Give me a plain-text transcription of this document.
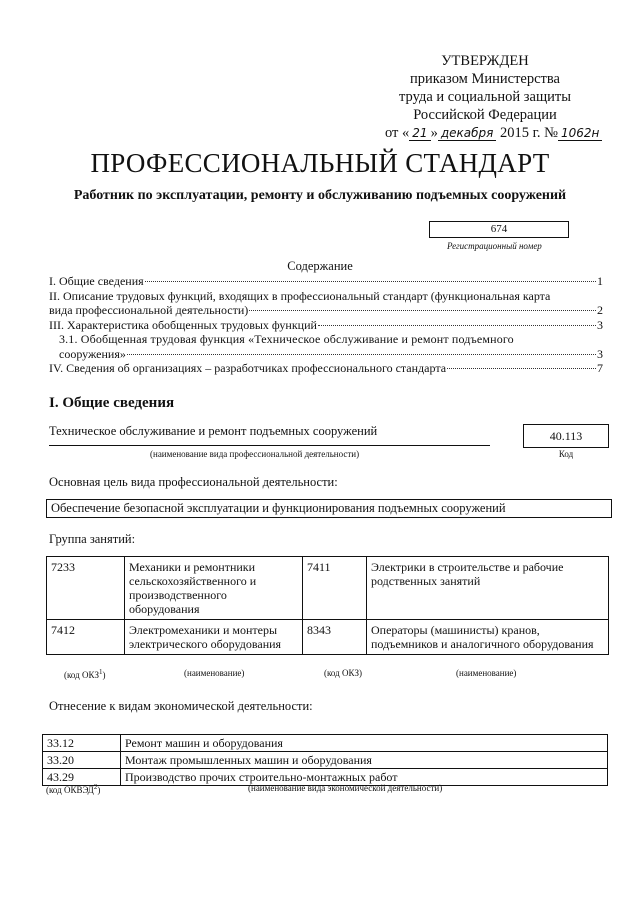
УТВЕРЖДЕН
приказом Министерства
труда и социальной защиты
Российской Федерации
от « 21 » декабря 2015 г. № 1062н
ПРОФЕССИОНАЛЬНЫЙ СТАНДАРТ
Работник по эксплуатации, ремонту и обслуживанию подъемных сооружений
674
Регистрационный номер
Содержание
I. Общие сведения	1
II. Описание трудовых функций, входящих в профессиональный стандарт (функциональная карта
вида профессиональной деятельности)	2
III. Характеристика обобщенных трудовых функций	3
3.1. Обобщенная трудовая функция «Техническое обслуживание и ремонт подъемного
сооружения»	3
IV. Сведения об организациях – разработчиках профессионального стандарта	7
I. Общие сведения
Техническое обслуживание и ремонт подъемных сооружений
(наименование вида профессиональной деятельности)
40.113
Код
Основная цель вида профессиональной деятельности:
Обеспечение безопасной эксплуатации и функционирования подъемных сооружений
Группа занятий:
7233	Механики и ремонтники сельскохозяйственного и производственного оборудования	7411	Электрики в строительстве и рабочие родственных занятий
7412	Электромеханики и монтеры электрического оборудования	8343	Операторы (машинисты) кранов, подъемников и аналогичного оборудования
(код ОКЗ$^1$)	(наименование)	(код ОКЗ)	(наименование)
Отнесение к видам экономической деятельности:
33.12	Ремонт машин и оборудования
33.20	Монтаж промышленных машин и оборудования
43.29	Производство прочих строительно-монтажных работ
(код ОКВЭД$^2$)	(наименование вида экономической деятельности)
